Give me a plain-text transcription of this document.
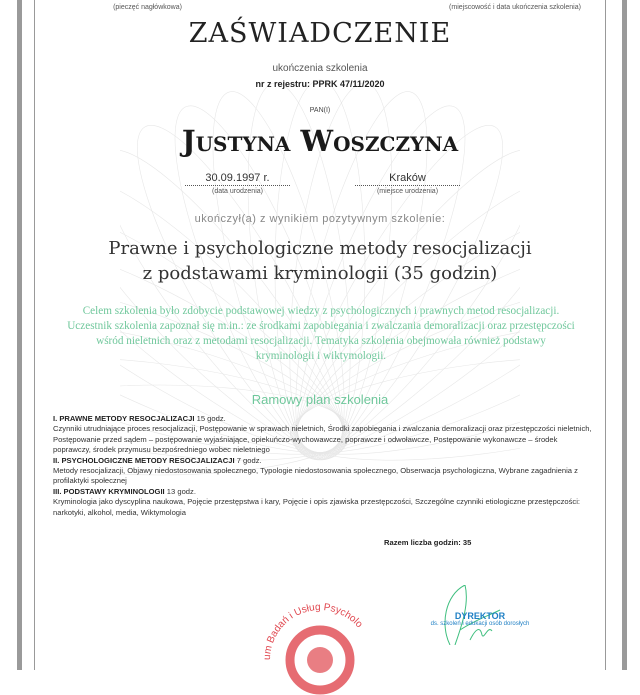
(pieczęć nagłówkowa)	(miejscowość i data ukończenia szkolenia)
ZAŚWIADCZENIE
ukończenia szkolenia
nr z rejestru: PPRK 47/11/2020
PAN(I)
Justyna Woszczyna
30.09.1997 r.
(data urodzenia)
Kraków
(miejsce urodzenia)
ukończył(a) z wynikiem pozytywnym szkolenie:
Prawne i psychologiczne metody resocjalizacji
z podstawami kryminologii (35 godzin)
Celem szkolenia było zdobycie podstawowej wiedzy z psychologicznych i prawnych metod resocjalizacji. Uczestnik szkolenia zapoznał się m.in.: ze środkami zapobiegania i zwalczania demoralizacji oraz przestępczości wśród nieletnich oraz z metodami resocjalizacji. Tematyka szkolenia obejmowała również podstawy kryminologii i wiktymologii.
Ramowy plan szkolenia
I. PRAWNE METODY RESOCJALIZACJI 15 godz.
Czynniki utrudniające proces resocjalizacji, Postępowanie w sprawach nieletnich, Środki zapobiegania i zwalczania demoralizacji oraz przestępczości nieletnich, Postępowanie przed sądem – postępowanie wyjaśniające, opiekuńczo-wychowawcze, poprawcze i odwoławcze, Postępowanie wykonawcze – środek poprawczy, środek przymusu bezpośredniego wobec nieletniego
II. PSYCHOLOGICZNE METODY RESOCJALIZACJI 7 godz.
Metody resocjalizacji, Objawy niedostosowania społecznego, Typologie niedostosowania społecznego, Obserwacja psychologiczna, Wybrane zagadnienia z profilaktyki społecznej
III. PODSTAWY KRYMINOLOGII 13 godz.
Kryminologia jako dyscyplina naukowa, Pojęcie przestępstwa i kary, Pojęcie i opis zjawiska przestępczości, Szczególne czynniki etiologiczne przestępczości: narkotyki, alkohol, media, Wiktymologia
Razem liczba godzin: 35
um Badań i Usług Psycholo
DYREKTOR
ds. szkoleń i edukacji osób dorosłych
